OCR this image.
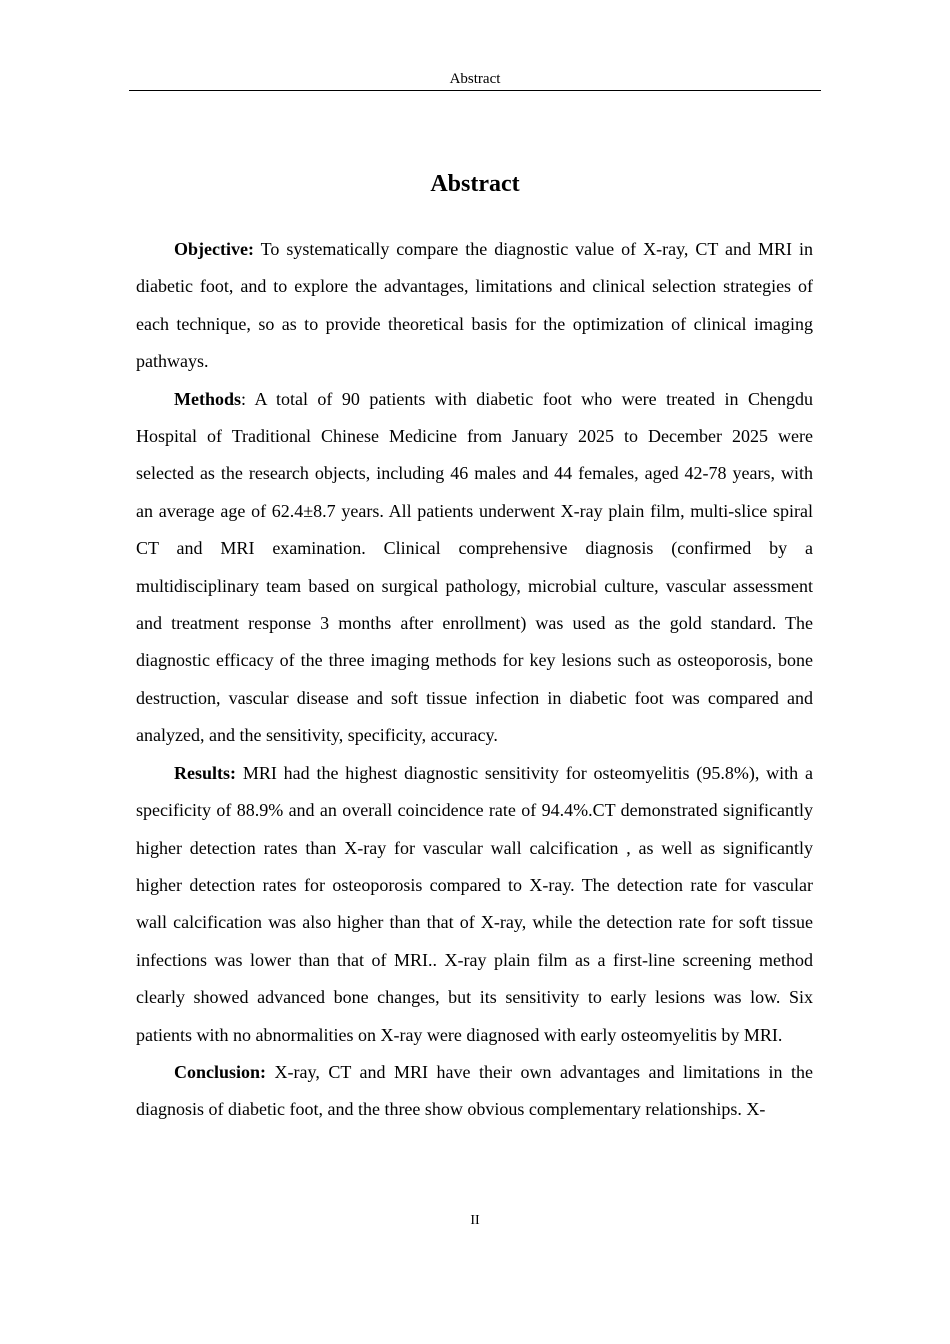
Abstract
Abstract

Objective: To systematically compare the diagnostic value of X-ray, CT and MRI in diabetic foot, and to explore the advantages, limitations and clinical selection strategies of each technique, so as to provide theoretical basis for the optimization of clinical imaging pathways.

Methods: A total of 90 patients with diabetic foot who were treated in Chengdu Hospital of Traditional Chinese Medicine from January 2025 to December 2025 were selected as the research objects, including 46 males and 44 females, aged 42-78 years, with an average age of 62.4±8.7 years. All patients underwent X-ray plain film, multi-slice spiral CT and MRI examination. Clinical comprehensive diagnosis (confirmed by a multidisciplinary team based on surgical pathology, microbial culture, vascular assessment and treatment response 3 months after enrollment) was used as the gold standard. The diagnostic efficacy of the three imaging methods for key lesions such as osteoporosis, bone destruction, vascular disease and soft tissue infection in diabetic foot was compared and analyzed, and the sensitivity, specificity, accuracy.

Results: MRI had the highest diagnostic sensitivity for osteomyelitis (95.8%), with a specificity of 88.9% and an overall coincidence rate of 94.4%.CT demonstrated significantly higher detection rates than X-ray for vascular wall calcification , as well as significantly higher detection rates for osteoporosis compared to X-ray. The detection rate for vascular wall calcification was also higher than that of X-ray, while the detection rate for soft tissue infections was lower than that of MRI.. X-ray plain film as a first-line screening method clearly showed advanced bone changes, but its sensitivity to early lesions was low. Six patients with no abnormalities on X-ray were diagnosed with early osteomyelitis by MRI.

Conclusion: X-ray, CT and MRI have their own advantages and limitations in the diagnosis of diabetic foot, and the three show obvious complementary relationships. X-

II
